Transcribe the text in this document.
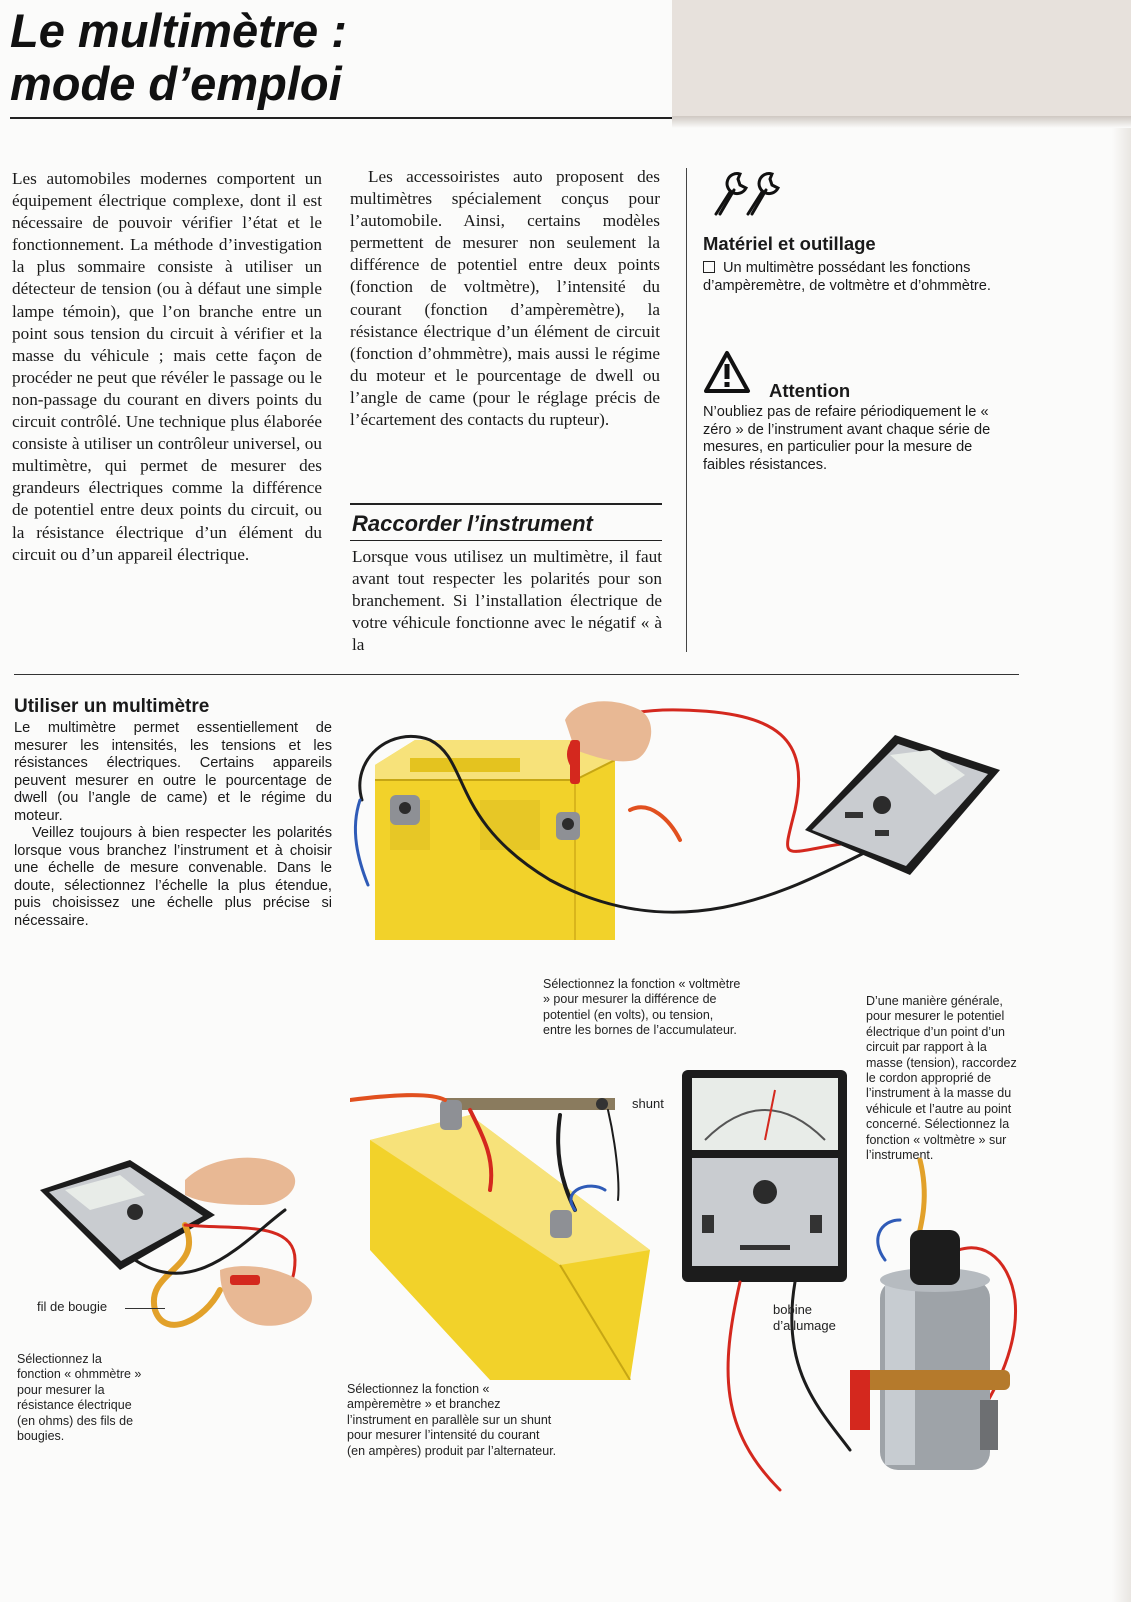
Le multimètre :
mode d’emploi

Les automobiles modernes comportent un équipement électrique complexe, dont il est nécessaire de pouvoir vérifier l’état et le fonctionnement. La méthode d’investigation la plus sommaire consiste à utiliser un détecteur de tension (ou à défaut une simple lampe témoin), que l’on branche entre un point sous tension du circuit à vérifier et la masse du véhicule ; mais cette façon de procéder ne peut que révéler le passage ou le non-passage du courant en divers points du circuit contrôlé. Une technique plus élaborée consiste à utiliser un contrôleur universel, ou multimètre, qui permet de mesurer des grandeurs électriques comme la différence de potentiel entre deux points du circuit, ou la résistance électrique d’un élément du circuit ou d’un appareil électrique.

Les accessoiristes auto proposent des multimètres spécialement conçus pour l’automobile. Ainsi, certains modèles permettent de mesurer non seulement la différence de potentiel entre deux points (fonction de voltmètre), l’intensité du courant (fonction d’ampèremètre), la résistance électrique d’un élément de circuit (fonction d’ohmmètre), mais aussi le régime du moteur et le pourcentage de dwell ou l’angle de came (pour le réglage précis de l’écartement des contacts du rupteur).

Raccorder l’instrument

Lorsque vous utilisez un multimètre, il faut avant tout respecter les polarités pour son branchement. Si l’installation électrique de votre véhicule fonctionne avec le négatif « à la

Matériel et outillage
Un multimètre possédant les fonctions d’ampèremètre, de voltmètre et d’ohmmètre.
Attention
N’oubliez pas de refaire périodiquement le « zéro » de l’instrument avant chaque série de mesures, en particulier pour la mesure de faibles résistances.
Utiliser un multimètre
Le multimètre permet essentiellement de mesurer les intensités, les tensions et les résistances électriques. Certains appareils peuvent mesurer en outre le pourcentage de dwell (ou l’angle de came) et le régime du moteur.
Veillez toujours à bien respecter les polarités lorsque vous branchez l’instrument et à choisir une échelle de mesure convenable. Dans le doute, sélectionnez l’échelle la plus étendue, puis choisissez une échelle plus précise si nécessaire.
Sélectionnez la fonction « voltmètre » pour mesurer la différence de potentiel (en volts), ou tension, entre les bornes de l’accumulateur.
D’une manière générale, pour mesurer le potentiel électrique d’un point d’un circuit par rapport à la masse (tension), raccordez le cordon approprié de l’instrument à la masse du véhicule et l’autre au point concerné. Sélectionnez la fonction « voltmètre » sur l’instrument.
fil de bougie
Sélectionnez la fonction « ohmmètre » pour mesurer la résistance électrique (en ohms) des fils de bougies.
shunt
Sélectionnez la fonction « ampèremètre » et branchez l’instrument en parallèle sur un shunt pour mesurer l’intensité du courant (en ampères) produit par l’alternateur.
bobine
d’allumage
